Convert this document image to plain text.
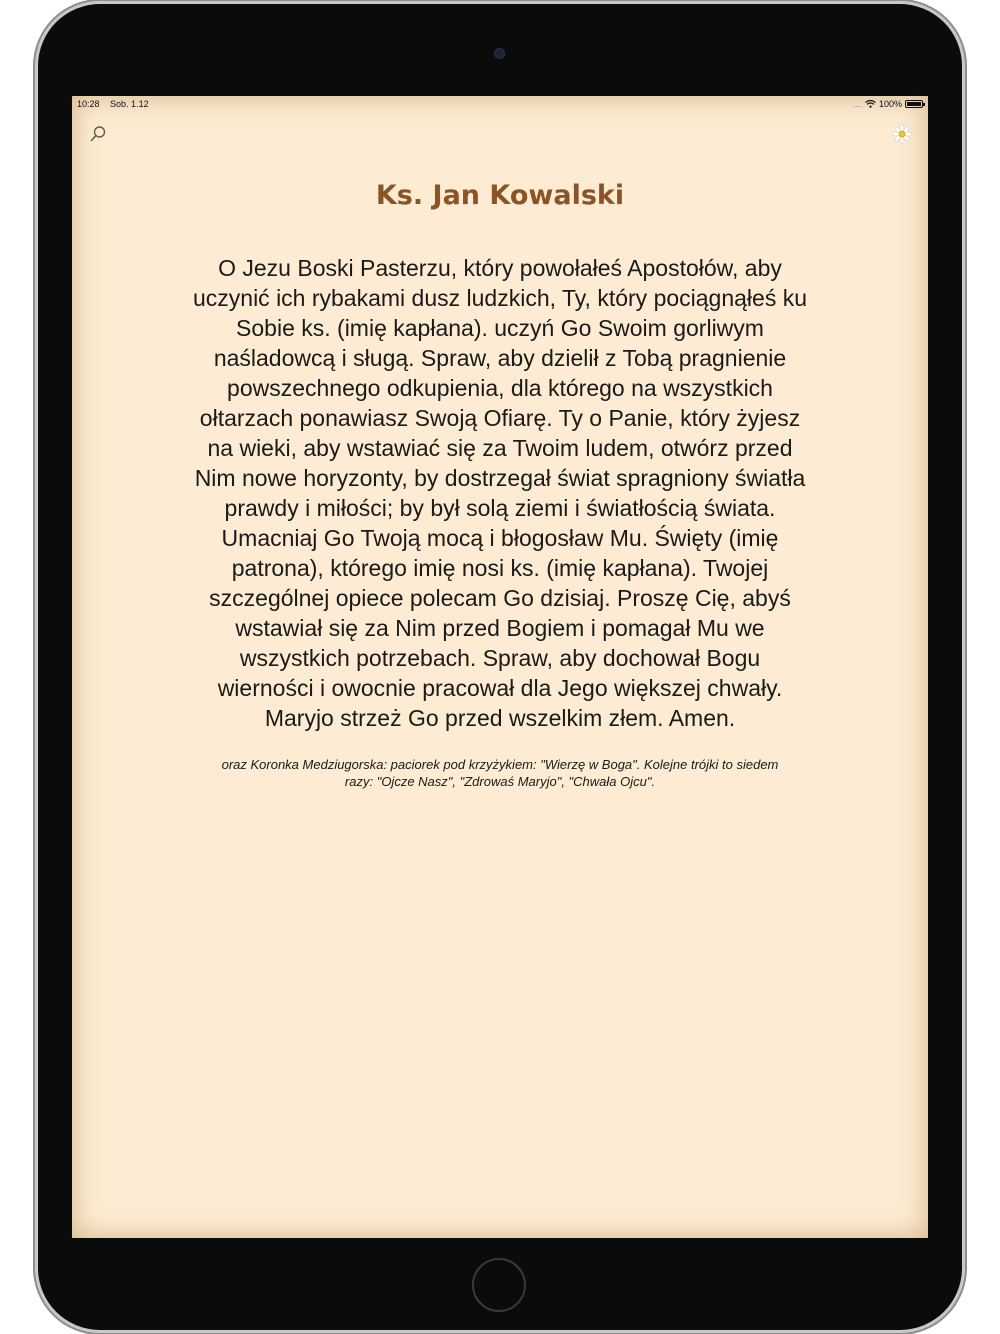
10:28 Sob. 1.12	.... 100%
Ks. Jan Kowalski

O Jezu Boski Pasterzu, który powołałeś Apostołów, aby uczynić ich rybakami dusz ludzkich, Ty, który pociągnąłeś ku Sobie ks. (imię kapłana). uczyń Go Swoim gorliwym naśladowcą i sługą. Spraw, aby dzielił z Tobą pragnienie powszechnego odkupienia, dla którego na wszystkich ołtarzach ponawiasz Swoją Ofiarę. Ty o Panie, który żyjesz na wieki, aby wstawiać się za Twoim ludem, otwórz przed Nim nowe horyzonty, by dostrzegał świat spragniony światła prawdy i miłości; by był solą ziemi i światłością świata. Umacniaj Go Twoją mocą i błogosław Mu. Święty (imię patrona), którego imię nosi ks. (imię kapłana). Twojej szczególnej opiece polecam Go dzisiaj. Proszę Cię, abyś wstawiał się za Nim przed Bogiem i pomagał Mu we wszystkich potrzebach. Spraw, aby dochował Bogu wierności i owocnie pracował dla Jego większej chwały. Maryjo strzeż Go przed wszelkim złem. Amen.

oraz Koronka Medziugorska: paciorek pod krzyżykiem: "Wierzę w Boga". Kolejne trójki to siedem razy: "Ojcze Nasz", "Zdrowaś Maryjo", "Chwała Ojcu".
